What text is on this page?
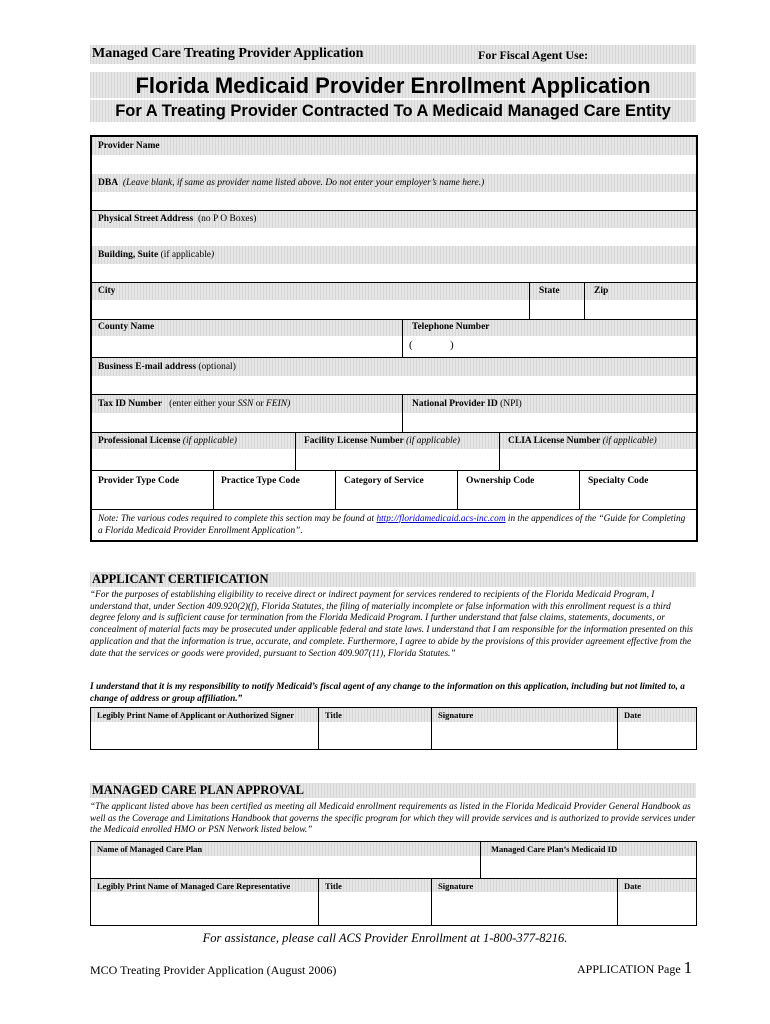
Managed Care Treating Provider Application	For Fiscal Agent Use:
Florida Medicaid Provider Enrollment Application
For A Treating Provider Contracted To A Medicaid Managed Care Entity
Provider Name
DBA (Leave blank, if same as provider name listed above. Do not enter your employer’s name here.)
Physical Street Address (no P O Boxes)
Building, Suite (if applicable)
City	State	Zip
County Name	Telephone Number
(	)
Business E-mail address (optional)
Tax ID Number (enter either your SSN or FEIN)	National Provider ID (NPI)
Professional License (if applicable)	Facility License Number (if applicable)	CLIA License Number (if applicable)
Provider Type Code	Practice Type Code	Category of Service	Ownership Code	Specialty Code
Note: The various codes required to complete this section may be found at http://floridamedicaid.acs-inc.com in the appendices of the “Guide for Completing a Florida Medicaid Provider Enrollment Application”.
APPLICANT CERTIFICATION
“For the purposes of establishing eligibility to receive direct or indirect payment for services rendered to recipients of the Florida Medicaid Program, I understand that, under Section 409.920(2)(f), Florida Statutes, the filing of materially incomplete or false information with this enrollment request is a third degree felony and is sufficient cause for termination from the Florida Medicaid Program. I further understand that false claims, statements, documents, or concealment of material facts may be prosecuted under applicable federal and state laws. I understand that I am responsible for the information presented on this application and that the information is true, accurate, and complete. Furthermore, I agree to abide by the provisions of this provider agreement effective from the date that the services or goods were provided, pursuant to Section 409.907(11), Florida Statutes.”
I understand that it is my responsibility to notify Medicaid’s fiscal agent of any change to the information on this application, including but not limited to, a change of address or group affiliation.”
Legibly Print Name of Applicant or Authorized Signer	Title	Signature	Date
MANAGED CARE PLAN APPROVAL
“The applicant listed above has been certified as meeting all Medicaid enrollment requirements as listed in the Florida Medicaid Provider General Handbook as well as the Coverage and Limitations Handbook that governs the specific program for which they will provide services and is authorized to provide services under the Medicaid enrolled HMO or PSN Network listed below.”
Name of Managed Care Plan	Managed Care Plan’s Medicaid ID
Legibly Print Name of Managed Care Representative	Title	Signature	Date
For assistance, please call ACS Provider Enrollment at 1-800-377-8216.
MCO Treating Provider Application (August 2006)	APPLICATION Page 1
